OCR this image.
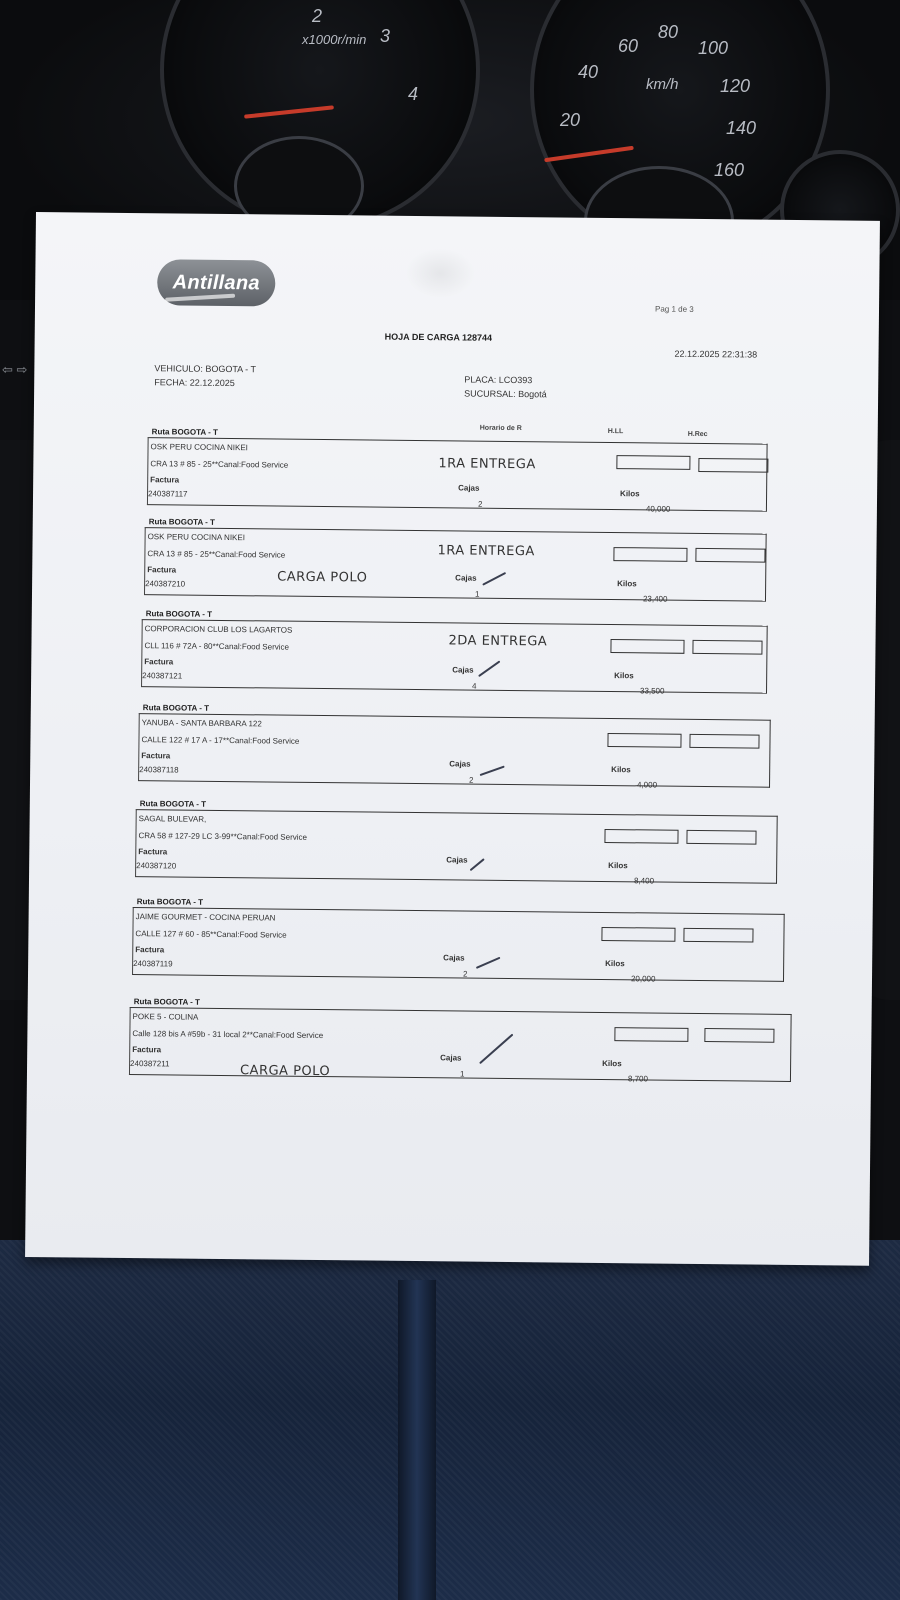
2
3
4
x1000r/min
20
40
60
80
100
120
140
160
km/h
⇦ ⇨
Antillana
Pag 1 de 3
HOJA DE CARGA 128744
22.12.2025 22:31:38
VEHICULO: BOGOTA - T
FECHA: 22.12.2025	PLACA: LCO393
SUCURSAL: Bogotá
Horario de R	H.LL	H.Rec
Ruta BOGOTA - T
OSK PERU COCINA NIKEI
CRA 13 # 85 - 25**Canal:Food Service
Factura
240387117
Cajas
2
Kilos
40,000
1RA ENTREGA
Ruta BOGOTA - T
OSK PERU COCINA NIKEI
CRA 13 # 85 - 25**Canal:Food Service
Factura
240387210
Cajas
1
Kilos
23,400
1RA ENTREGA
CARGA POLO
Ruta BOGOTA - T
CORPORACION CLUB LOS LAGARTOS
CLL 116 # 72A - 80**Canal:Food Service
Factura
240387121
Cajas
4
Kilos
33,500
2DA ENTREGA
Ruta BOGOTA - T
YANUBA - SANTA BARBARA 122
CALLE 122 # 17 A - 17**Canal:Food Service
Factura
240387118
Cajas
2
Kilos
4,000
Ruta BOGOTA - T
SAGAL BULEVAR,
CRA 58 # 127-29 LC 3-99**Canal:Food Service
Factura
240387120
Cajas
Kilos
8,400
Ruta BOGOTA - T
JAIME GOURMET - COCINA PERUAN
CALLE 127 # 60 - 85**Canal:Food Service
Factura
240387119
Cajas
2
Kilos
20,000
Ruta BOGOTA - T
POKE 5 - COLINA
Calle 128 bis A #59b - 31 local 2**Canal:Food Service
Factura
240387211
Cajas
1
Kilos
8,700
CARGA POLO
